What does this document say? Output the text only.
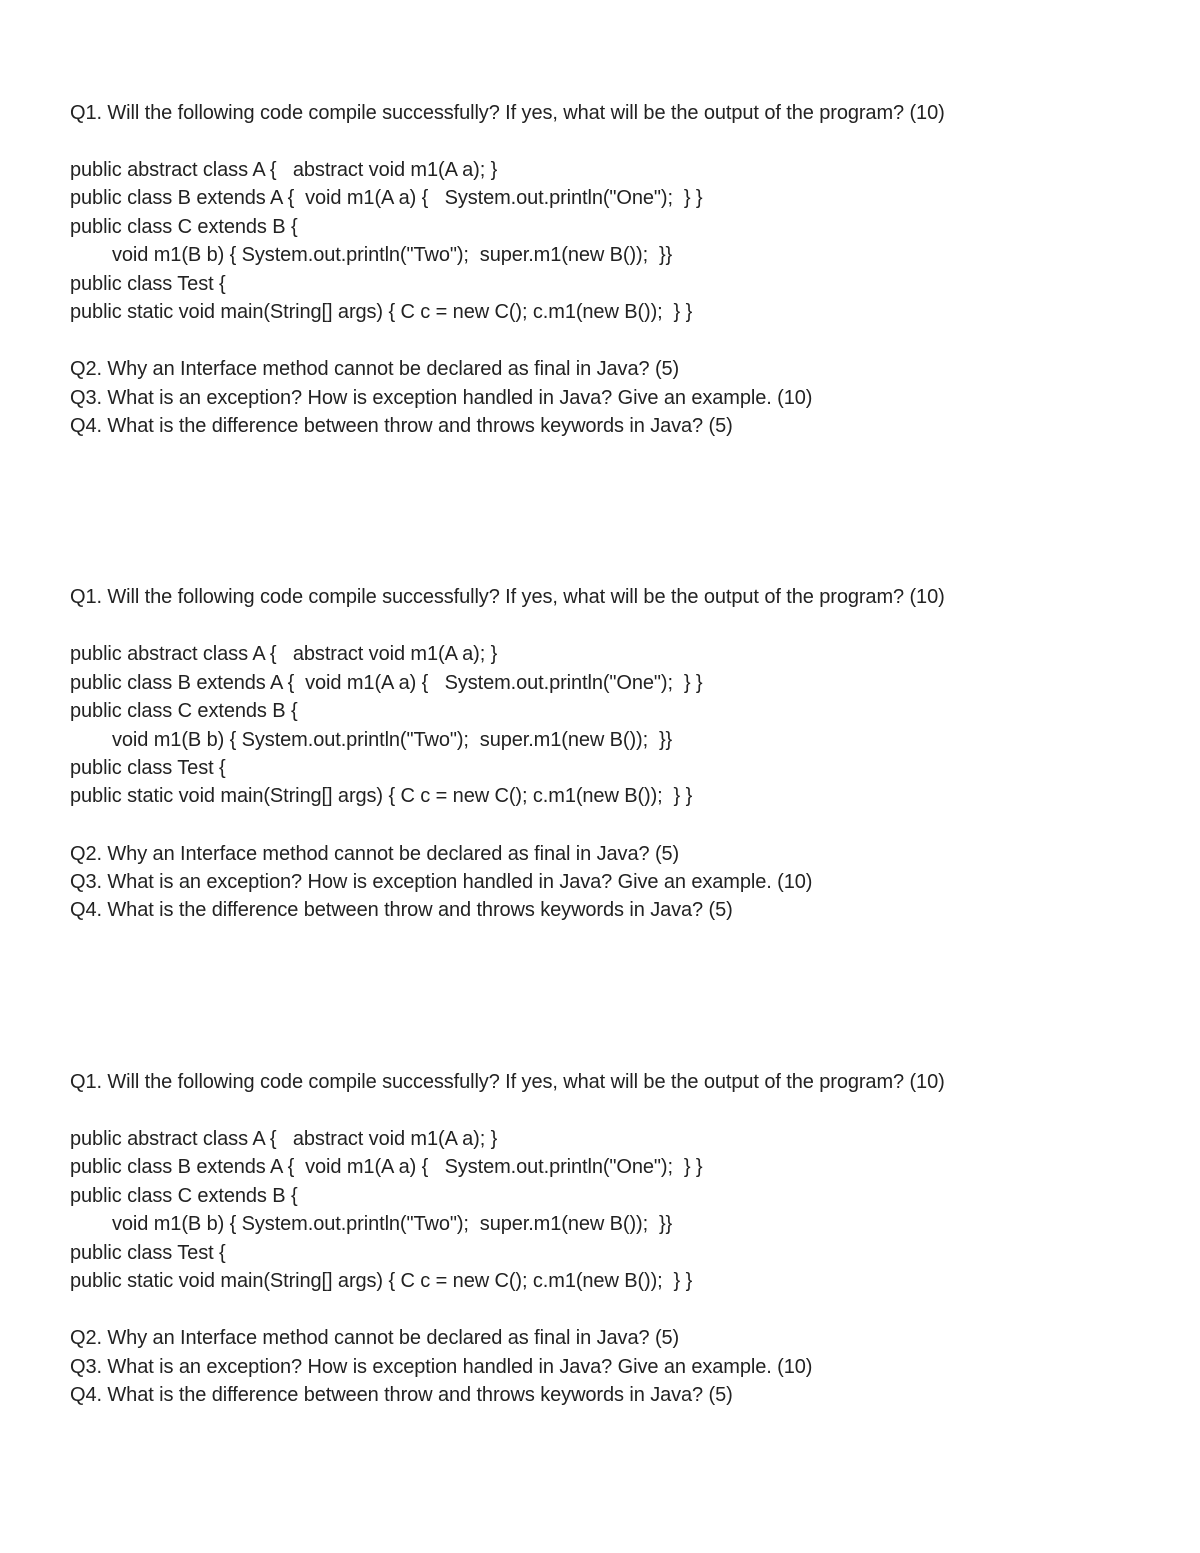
Q1. Will the following code compile successfully? If yes, what will be the output of the program? (10)
public abstract class A {   abstract void m1(A a); }
public class B extends A {  void m1(A a) {   System.out.println("One");  } }
public class C extends B {
void m1(B b) { System.out.println("Two");  super.m1(new B());  }}
public class Test {
public static void main(String[] args) { C c = new C(); c.m1(new B());  } }
Q2. Why an Interface method cannot be declared as final in Java? (5)
Q3. What is an exception? How is exception handled in Java? Give an example. (10)
Q4. What is the difference between throw and throws keywords in Java? (5)
Q1. Will the following code compile successfully? If yes, what will be the output of the program? (10)
public abstract class A {   abstract void m1(A a); }
public class B extends A {  void m1(A a) {   System.out.println("One");  } }
public class C extends B {
void m1(B b) { System.out.println("Two");  super.m1(new B());  }}
public class Test {
public static void main(String[] args) { C c = new C(); c.m1(new B());  } }
Q2. Why an Interface method cannot be declared as final in Java? (5)
Q3. What is an exception? How is exception handled in Java? Give an example. (10)
Q4. What is the difference between throw and throws keywords in Java? (5)
Q1. Will the following code compile successfully? If yes, what will be the output of the program? (10)
public abstract class A {   abstract void m1(A a); }
public class B extends A {  void m1(A a) {   System.out.println("One");  } }
public class C extends B {
void m1(B b) { System.out.println("Two");  super.m1(new B());  }}
public class Test {
public static void main(String[] args) { C c = new C(); c.m1(new B());  } }
Q2. Why an Interface method cannot be declared as final in Java? (5)
Q3. What is an exception? How is exception handled in Java? Give an example. (10)
Q4. What is the difference between throw and throws keywords in Java? (5)
